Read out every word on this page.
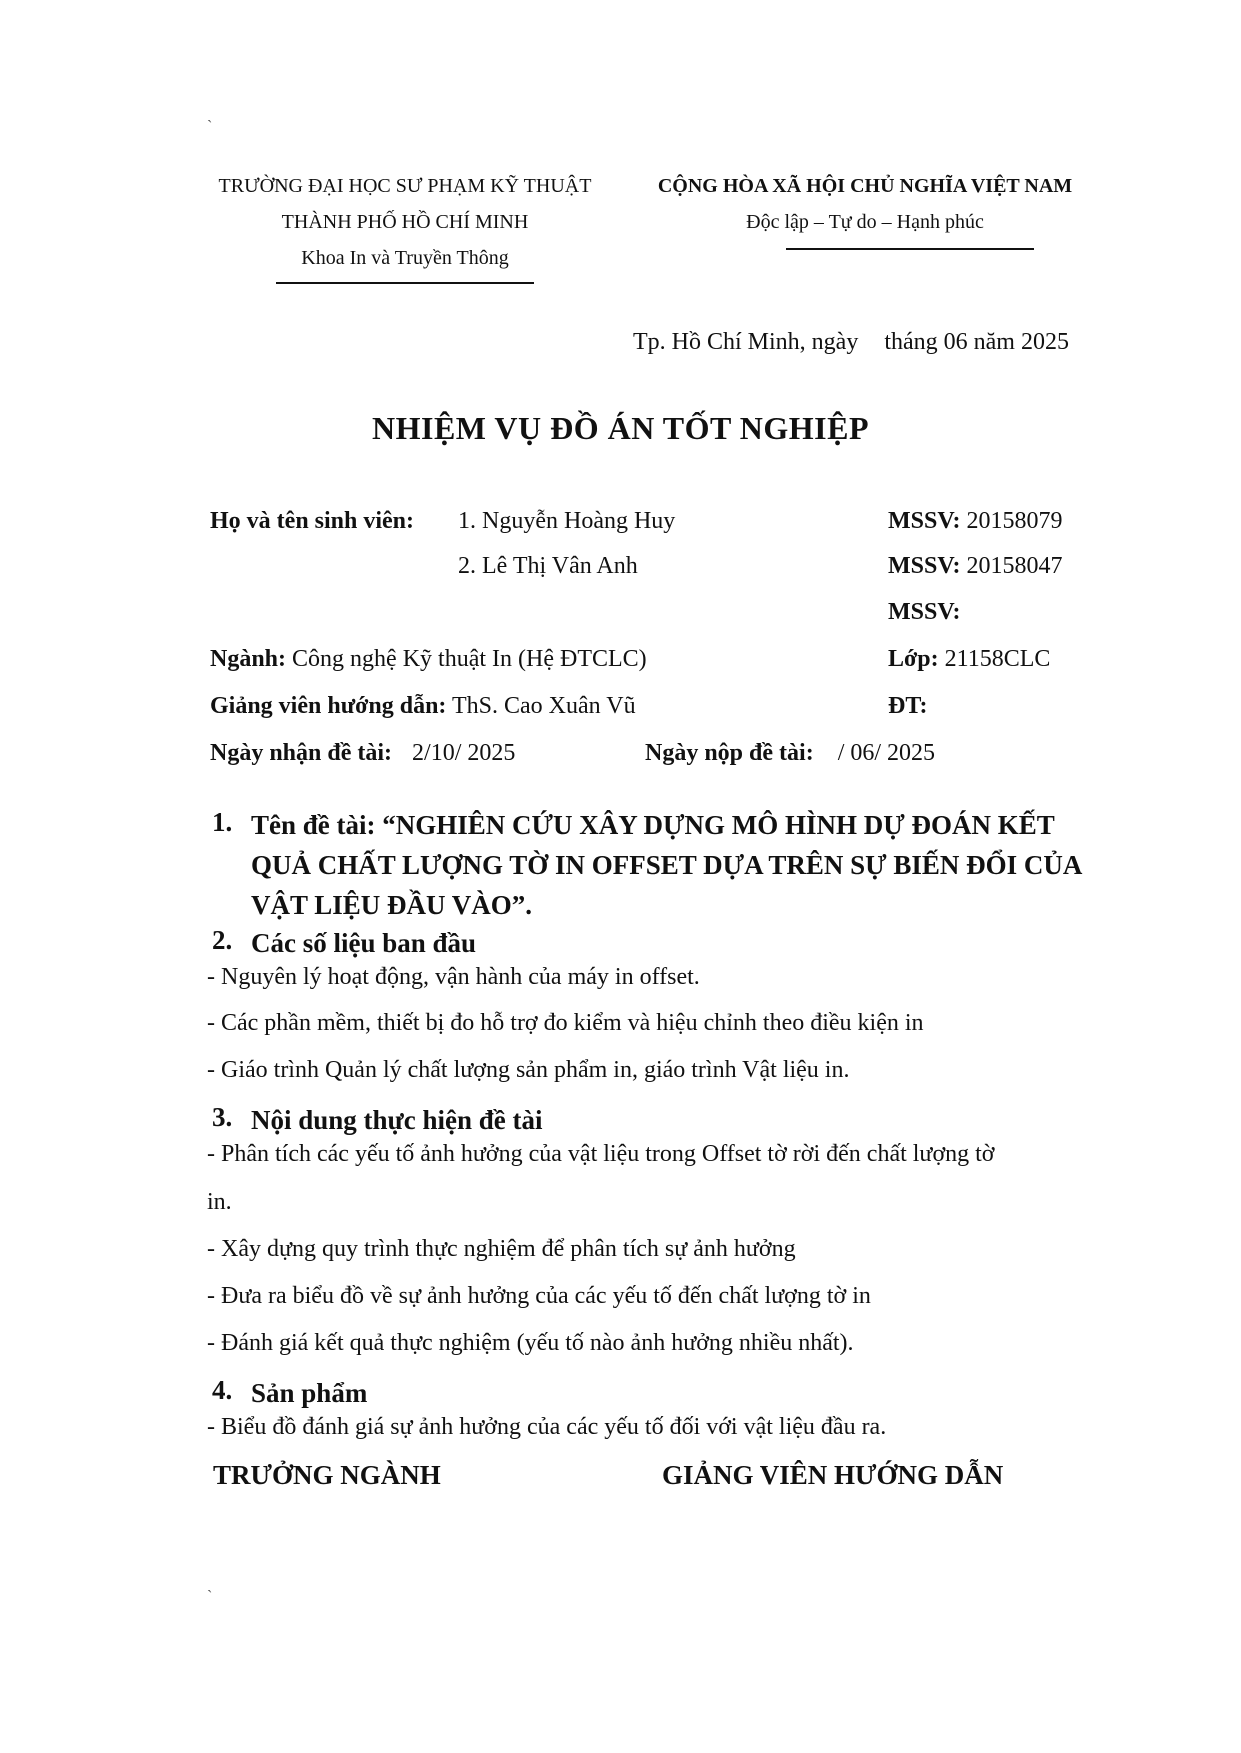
`
`
TRƯỜNG ĐẠI HỌC SƯ PHẠM KỸ THUẬT
THÀNH PHỐ HỒ CHÍ MINH
Khoa In và Truyền Thông
CỘNG HÒA XÃ HỘI CHỦ NGHĨA VIỆT NAM
Độc lập – Tự do – Hạnh phúc
Tp. Hồ Chí Minh, ngày tháng 06 năm 2025
NHIỆM VỤ ĐỒ ÁN TỐT NGHIỆP
Họ và tên sinh viên: 1. Nguyễn Hoàng Huy	MSSV: 20158079
2. Lê Thị Vân Anh	MSSV: 20158047
MSSV:
Ngành: Công nghệ Kỹ thuật In (Hệ ĐTCLC)	Lớp: 21158CLC
Giảng viên hướng dẫn: ThS. Cao Xuân Vũ	ĐT:
Ngày nhận đề tài: 2/10/ 2025	Ngày nộp đề tài: / 06/ 2025
1. Tên đề tài: “NGHIÊN CỨU XÂY DỰNG MÔ HÌNH DỰ ĐOÁN KẾT QUẢ CHẤT LƯỢNG TỜ IN OFFSET DỰA TRÊN SỰ BIẾN ĐỔI CỦA VẬT LIỆU ĐẦU VÀO”.
2. Các số liệu ban đầu
- Nguyên lý hoạt động, vận hành của máy in offset.
- Các phần mềm, thiết bị đo hỗ trợ đo kiểm và hiệu chỉnh theo điều kiện in
- Giáo trình Quản lý chất lượng sản phẩm in, giáo trình Vật liệu in.
3. Nội dung thực hiện đề tài
- Phân tích các yếu tố ảnh hưởng của vật liệu trong Offset tờ rời đến chất lượng tờ
in.
- Xây dựng quy trình thực nghiệm để phân tích sự ảnh hưởng
- Đưa ra biểu đồ về sự ảnh hưởng của các yếu tố đến chất lượng tờ in
- Đánh giá kết quả thực nghiệm (yếu tố nào ảnh hưởng nhiều nhất).
4. Sản phẩm
- Biểu đồ đánh giá sự ảnh hưởng của các yếu tố đối với vật liệu đầu ra.
TRƯỞNG NGÀNH	GIẢNG VIÊN HƯỚNG DẪN
